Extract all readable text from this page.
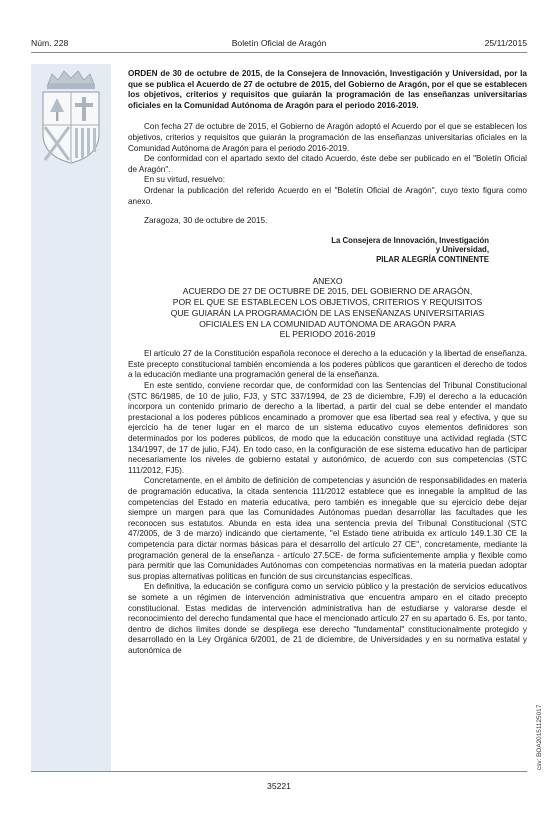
Núm. 228	Boletín Oficial de Aragón	25/11/2015

ORDEN de 30 de octubre de 2015, de la Consejera de Innovación, Investigación y Universidad, por la que se publica el Acuerdo de 27 de octubre de 2015, del Gobierno de Aragón, por el que se establecen los objetivos, criterios y requisitos que guiarán la programación de las enseñanzas universitarias oficiales en la Comunidad Autónoma de Aragón para el periodo 2016-2019.

Con fecha 27 de octubre de 2015, el Gobierno de Aragón adoptó el Acuerdo por el que se establecen los objetivos, criterios y requisitos que guiarán la programación de las enseñanzas universitarias oficiales en la Comunidad Autónoma de Aragón para el periodo 2016-2019.

De conformidad con el apartado sexto del citado Acuerdo, éste debe ser publicado en el "Boletín Oficial de Aragón".

En su virtud, resuelvo:

Ordenar la publicación del referido Acuerdo en el "Boletín Oficial de Aragón", cuyo texto figura como anexo.

Zaragoza, 30 de octubre de 2015.

La Consejera de Innovación, Investigación
y Universidad,
PILAR ALEGRÍA CONTINENTE
ANEXO
ACUERDO DE 27 DE OCTUBRE DE 2015, DEL GOBIERNO DE ARAGÓN,
POR EL QUE SE ESTABLECEN LOS OBJETIVOS, CRITERIOS Y REQUISITOS
QUE GUIARÁN LA PROGRAMACIÓN DE LAS ENSEÑANZAS UNIVERSITARIAS
OFICIALES EN LA COMUNIDAD AUTÓNOMA DE ARAGÓN PARA
EL PERIODO 2016-2019

El artículo 27 de la Constitución española reconoce el derecho a la educación y la libertad de enseñanza. Este precepto constitucional también encomienda a los poderes públicos que garanticen el derecho de todos a la educación mediante una programación general de la enseñanza.

En este sentido, conviene recordar que, de conformidad con las Sentencias del Tribunal Constitucional (STC 86/1985, de 10 de julio, FJ3, y STC 337/1994, de 23 de diciembre, FJ9) el derecho a la educación incorpora un contenido primario de derecho a la libertad, a partir del cual se debe entender el mandato prestacional a los poderes públicos encaminado a promover que esa libertad sea real y efectiva, y que su ejercicio ha de tener lugar en el marco de un sistema educativo cuyos elementos definidores son determinados por los poderes públicos, de modo que la educación constituye una actividad reglada (STC 134/1997, de 17 de julio, FJ4). En todo caso, en la configuración de ese sistema educativo han de participar necesariamente los niveles de gobierno estatal y autonómico, de acuerdo con sus competencias (STC 111/2012, FJ5).

Concretamente, en el ámbito de definición de competencias y asunción de responsabilidades en materia de programación educativa, la citada sentencia 111/2012 establece que es innegable la amplitud de las competencias del Estado en materia educativa, pero también es innegable que su ejercicio debe dejar siempre un margen para que las Comunidades Autónomas puedan desarrollar las facultades que les reconocen sus estatutos. Abunda en esta idea una sentencia previa del Tribunal Constitucional (STC 47/2005, de 3 de marzo) indicando que ciertamente, "el Estado tiene atribuida ex artículo 149.1.30 CE la competencia para dictar normas básicas para el desarrollo del artículo 27 CE", concretamente, mediante la programación general de la enseñanza - artículo 27.5CE- de forma suficientemente amplia y flexible como para permitir que las Comunidades Autónomas con competencias normativas en la materia puedan adoptar sus propias alternativas políticas en función de sus circunstancias específicas.

En definitiva, la educación se configura como un servicio público y la prestación de servicios educativos se somete a un régimen de intervención administrativa que encuentra amparo en el citado precepto constitucional. Estas medidas de intervención administrativa han de estudiarse y valorarse desde el reconocimiento del derecho fundamental que hace el mencionado artículo 27 en su apartado 6. Es, por tanto, dentro de dichos límites donde se despliega ese derecho "fundamental" constitucionalmente protegido y desarrollado en la Ley Orgánica 6/2001, de 21 de diciembre, de Universidades y en su normativa estatal y autonómica de

csv: BOA20151125017
35221
